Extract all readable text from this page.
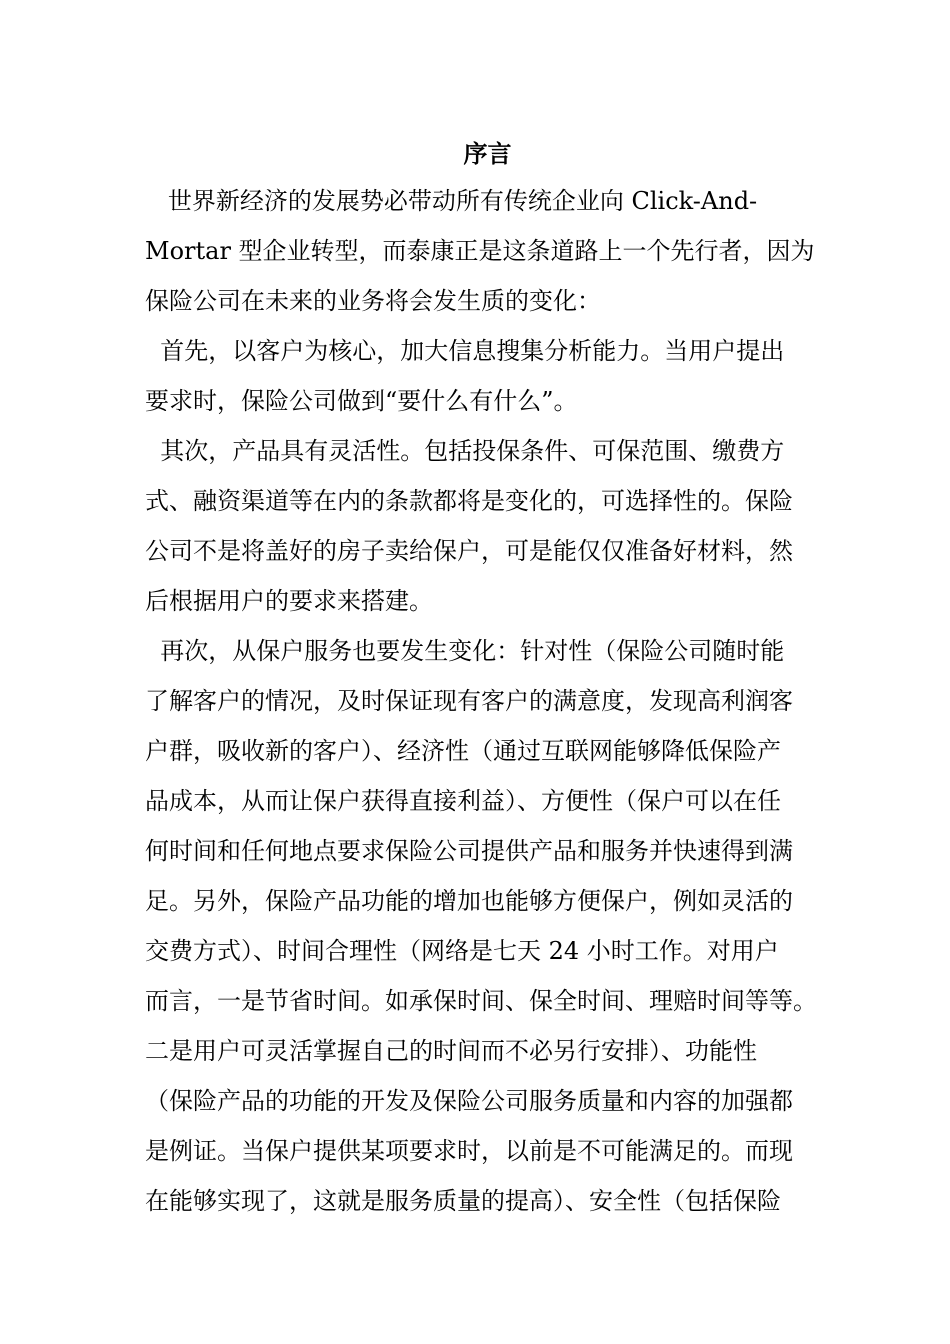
序言

世界新经济的发展势必带动所有传统企业向 Click-And-

Mortar 型企业转型，而泰康正是这条道路上一个先行者，因为

保险公司在未来的业务将会发生质的变化：

首先，以客户为核心，加大信息搜集分析能力。当用户提出

要求时，保险公司做到“要什么有什么”。

其次，产品具有灵活性。包括投保条件、可保范围、缴费方

式、融资渠道等在内的条款都将是变化的，可选择性的。保险

公司不是将盖好的房子卖给保户，可是能仅仅准备好材料，然

后根据用户的要求来搭建。

再次，从保户服务也要发生变化：针对性（保险公司随时能

了解客户的情况，及时保证现有客户的满意度，发现高利润客

户群，吸收新的客户）、经济性（通过互联网能够降低保险产

品成本，从而让保户获得直接利益）、方便性（保户可以在任

何时间和任何地点要求保险公司提供产品和服务并快速得到满

足。另外，保险产品功能的增加也能够方便保户，例如灵活的

交费方式）、时间合理性（网络是七天 24 小时工作。对用户

而言，一是节省时间。如承保时间、保全时间、理赔时间等等。

二是用户可灵活掌握自己的时间而不必另行安排）、功能性

（保险产品的功能的开发及保险公司服务质量和内容的加强都

是例证。当保户提供某项要求时，以前是不可能满足的。而现

在能够实现了，这就是服务质量的提高）、安全性（包括保险
